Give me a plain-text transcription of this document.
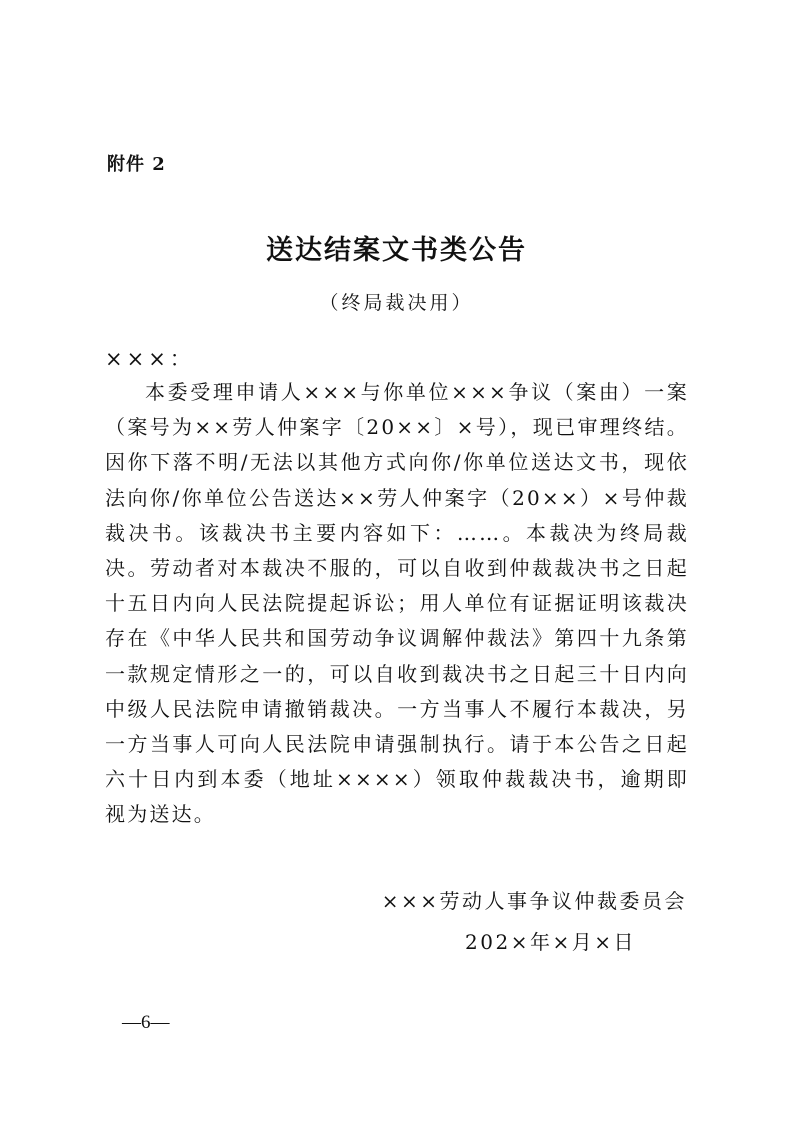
附件 2
送达结案文书类公告
（终局裁决用）
×××：
本委受理申请人×××与你单位×××争议（案由）一案（案号为××劳人仲案字〔20××〕×号），现已审理终结。因你下落不明/无法以其他方式向你/你单位送达文书，现依法向你/你单位公告送达××劳人仲案字（20××）×号仲裁裁决书。该裁决书主要内容如下：……。本裁决为终局裁决。劳动者对本裁决不服的，可以自收到仲裁裁决书之日起十五日内向人民法院提起诉讼；用人单位有证据证明该裁决存在《中华人民共和国劳动争议调解仲裁法》第四十九条第一款规定情形之一的，可以自收到裁决书之日起三十日内向中级人民法院申请撤销裁决。一方当事人不履行本裁决，另一方当事人可向人民法院申请强制执行。请于本公告之日起六十日内到本委（地址××××）领取仲裁裁决书，逾期即视为送达。
×××劳动人事争议仲裁委员会
202×年×月×日
—6—
